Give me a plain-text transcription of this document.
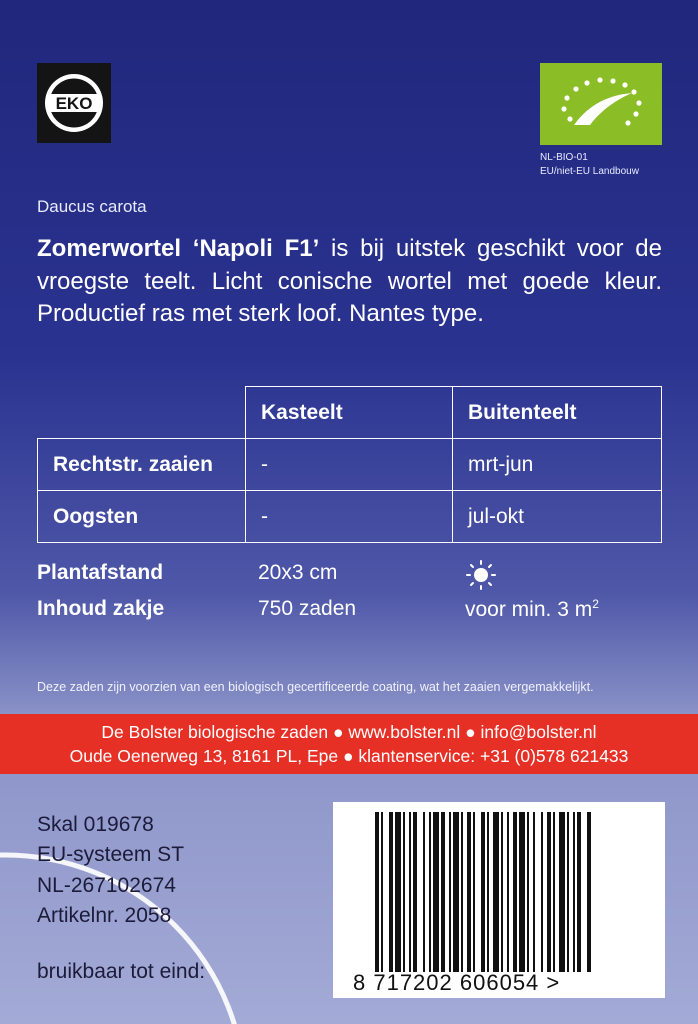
EKO
NL-BIO-01
EU/niet-EU Landbouw
Daucus carota
Zomerwortel ‘Napoli F1’ is bij uitstek geschikt voor de vroegste teelt. Licht conische wortel met goede kleur. Productief ras met sterk loof. Nantes type.
	Kasteelt	Buitenteelt
Rechtstr. zaaien	-	mrt-jun
Oogsten	-	jul-okt
Plantafstand	20x3 cm
Inhoud zakje	750 zaden	voor min. 3 $m^2$
Deze zaden zijn voorzien van een biologisch gecertificeerde coating, wat het zaaien vergemakkelijkt.
De Bolster biologische zaden ● www.bolster.nl ● info@bolster.nl
Oude Oenerweg 13, 8161 PL, Epe ● klantenservice: +31 (0)578 621433
Skal 019678
EU-systeem ST
NL-267102674
Artikelnr. 2058
bruikbaar tot eind:	8 717202 606054 >
